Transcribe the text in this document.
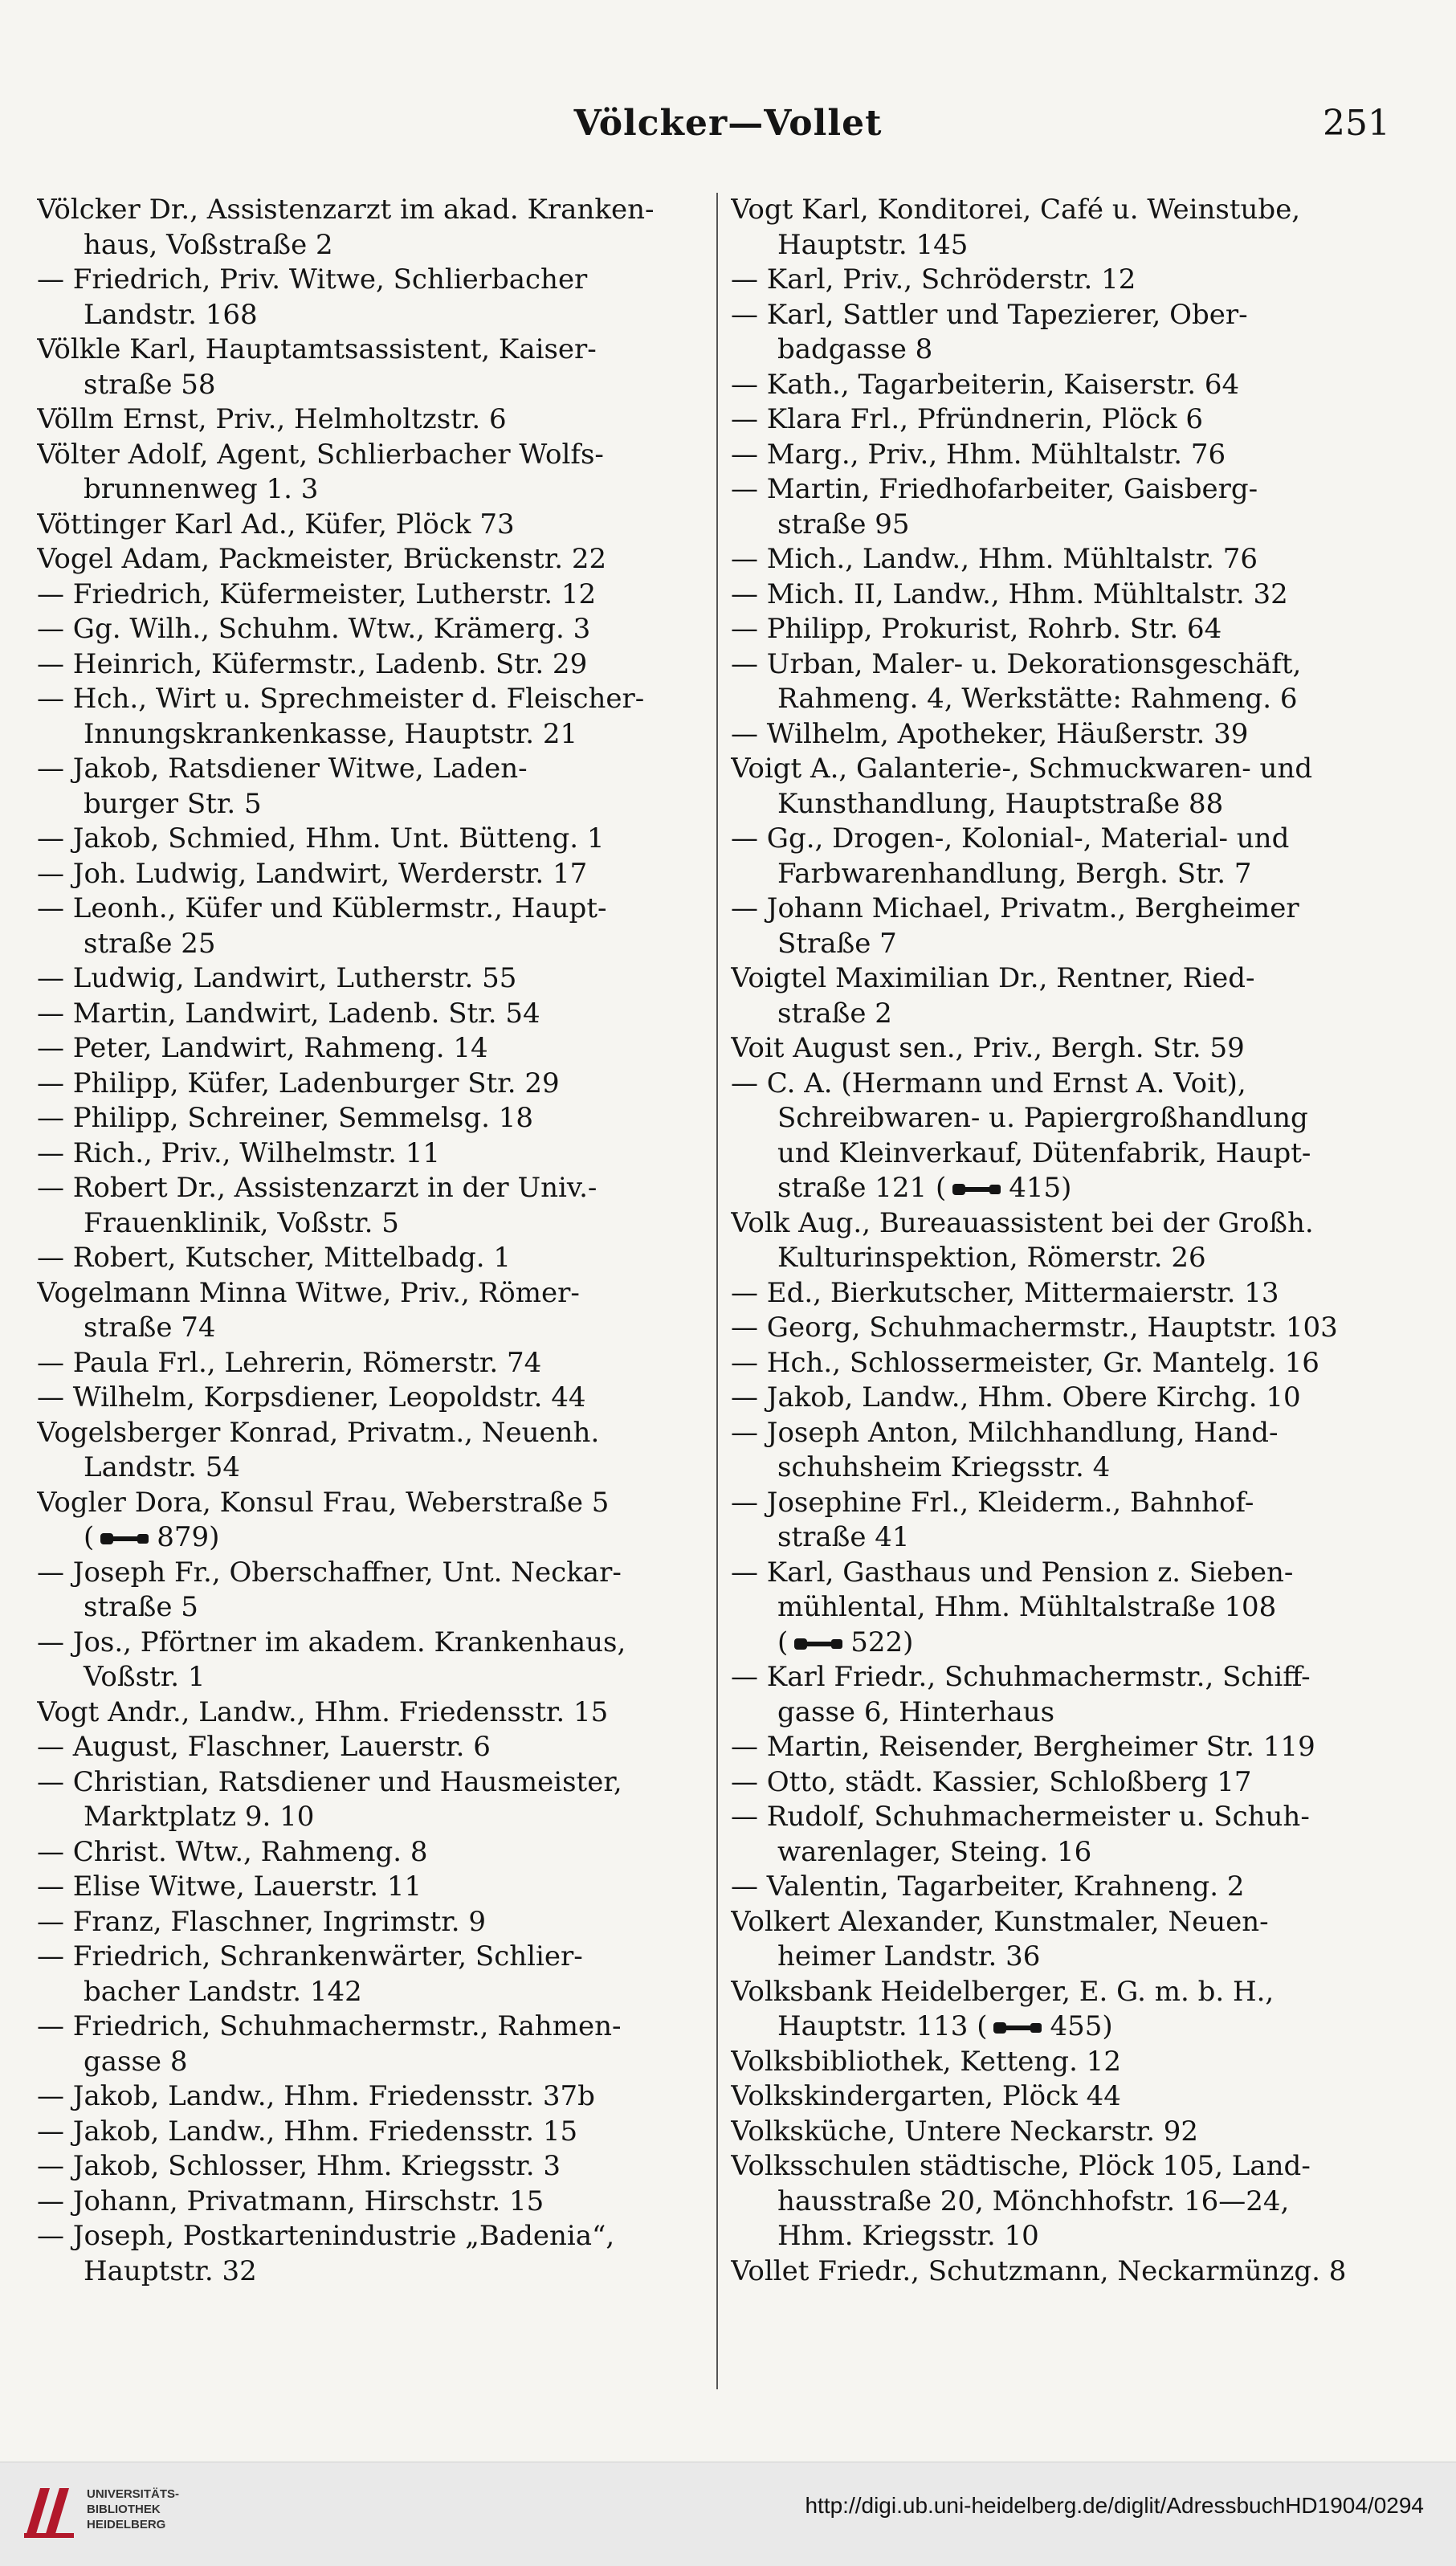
Völcker—Vollet	251
Völcker Dr., Assistenzarzt im akad. Kranken-
haus, Voßstraße 2
— Friedrich, Priv. Witwe, Schlierbacher
Landstr. 168
Völkle Karl, Hauptamtsassistent, Kaiser-
straße 58
Völlm Ernst, Priv., Helmholtzstr. 6
Völter Adolf, Agent, Schlierbacher Wolfs-
brunnenweg 1. 3
Vöttinger Karl Ad., Küfer, Plöck 73
Vogel Adam, Packmeister, Brückenstr. 22
— Friedrich, Küfermeister, Lutherstr. 12
— Gg. Wilh., Schuhm. Wtw., Krämerg. 3
— Heinrich, Küfermstr., Ladenb. Str. 29
— Hch., Wirt u. Sprechmeister d. Fleischer-
Innungskrankenkasse, Hauptstr. 21
— Jakob, Ratsdiener Witwe, Laden-
burger Str. 5
— Jakob, Schmied, Hhm. Unt. Bütteng. 1
— Joh. Ludwig, Landwirt, Werderstr. 17
— Leonh., Küfer und Küblermstr., Haupt-
straße 25
— Ludwig, Landwirt, Lutherstr. 55
— Martin, Landwirt, Ladenb. Str. 54
— Peter, Landwirt, Rahmeng. 14
— Philipp, Küfer, Ladenburger Str. 29
— Philipp, Schreiner, Semmelsg. 18
— Rich., Priv., Wilhelmstr. 11
— Robert Dr., Assistenzarzt in der Univ.-
Frauenklinik, Voßstr. 5
— Robert, Kutscher, Mittelbadg. 1
Vogelmann Minna Witwe, Priv., Römer-
straße 74
— Paula Frl., Lehrerin, Römerstr. 74
— Wilhelm, Korpsdiener, Leopoldstr. 44
Vogelsberger Konrad, Privatm., Neuenh.
Landstr. 54
Vogler Dora, Konsul Frau, Weberstraße 5
( 879)
— Joseph Fr., Oberschaffner, Unt. Neckar-
straße 5
— Jos., Pförtner im akadem. Krankenhaus,
Voßstr. 1
Vogt Andr., Landw., Hhm. Friedensstr. 15
— August, Flaschner, Lauerstr. 6
— Christian, Ratsdiener und Hausmeister,
Marktplatz 9. 10
— Christ. Wtw., Rahmeng. 8
— Elise Witwe, Lauerstr. 11
— Franz, Flaschner, Ingrimstr. 9
— Friedrich, Schrankenwärter, Schlier-
bacher Landstr. 142
— Friedrich, Schuhmachermstr., Rahmen-
gasse 8
— Jakob, Landw., Hhm. Friedensstr. 37b
— Jakob, Landw., Hhm. Friedensstr. 15
— Jakob, Schlosser, Hhm. Kriegsstr. 3
— Johann, Privatmann, Hirschstr. 15
— Joseph, Postkartenindustrie „Badenia“,
Hauptstr. 32
Vogt Karl, Konditorei, Café u. Weinstube,
Hauptstr. 145
— Karl, Priv., Schröderstr. 12
— Karl, Sattler und Tapezierer, Ober-
badgasse 8
— Kath., Tagarbeiterin, Kaiserstr. 64
— Klara Frl., Pfründnerin, Plöck 6
— Marg., Priv., Hhm. Mühltalstr. 76
— Martin, Friedhofarbeiter, Gaisberg-
straße 95
— Mich., Landw., Hhm. Mühltalstr. 76
— Mich. II, Landw., Hhm. Mühltalstr. 32
— Philipp, Prokurist, Rohrb. Str. 64
— Urban, Maler- u. Dekorationsgeschäft,
Rahmeng. 4, Werkstätte: Rahmeng. 6
— Wilhelm, Apotheker, Häußerstr. 39
Voigt A., Galanterie-, Schmuckwaren- und
Kunsthandlung, Hauptstraße 88
— Gg., Drogen-, Kolonial-, Material- und
Farbwarenhandlung, Bergh. Str. 7
— Johann Michael, Privatm., Bergheimer
Straße 7
Voigtel Maximilian Dr., Rentner, Ried-
straße 2
Voit August sen., Priv., Bergh. Str. 59
— C. A. (Hermann und Ernst A. Voit),
Schreibwaren- u. Papiergroßhandlung
und Kleinverkauf, Dütenfabrik, Haupt-
straße 121 ( 415)
Volk Aug., Bureauassistent bei der Großh.
Kulturinspektion, Römerstr. 26
— Ed., Bierkutscher, Mittermaierstr. 13
— Georg, Schuhmachermstr., Hauptstr. 103
— Hch., Schlossermeister, Gr. Mantelg. 16
— Jakob, Landw., Hhm. Obere Kirchg. 10
— Joseph Anton, Milchhandlung, Hand-
schuhsheim Kriegsstr. 4
— Josephine Frl., Kleiderm., Bahnhof-
straße 41
— Karl, Gasthaus und Pension z. Sieben-
mühlental, Hhm. Mühltalstraße 108
( 522)
— Karl Friedr., Schuhmachermstr., Schiff-
gasse 6, Hinterhaus
— Martin, Reisender, Bergheimer Str. 119
— Otto, städt. Kassier, Schloßberg 17
— Rudolf, Schuhmachermeister u. Schuh-
warenlager, Steing. 16
— Valentin, Tagarbeiter, Krahneng. 2
Volkert Alexander, Kunstmaler, Neuen-
heimer Landstr. 36
Volksbank Heidelberger, E. G. m. b. H.,
Hauptstr. 113 ( 455)
Volksbibliothek, Ketteng. 12
Volkskindergarten, Plöck 44
Volksküche, Untere Neckarstr. 92
Volksschulen städtische, Plöck 105, Land-
hausstraße 20, Mönchhofstr. 16—24,
Hhm. Kriegsstr. 10
Vollet Friedr., Schutzmann, Neckarmünzg. 8
UNIVERSITÄTS-
BIBLIOTHEK
HEIDELBERG
http://digi.ub.uni-heidelberg.de/diglit/AdressbuchHD1904/0294
